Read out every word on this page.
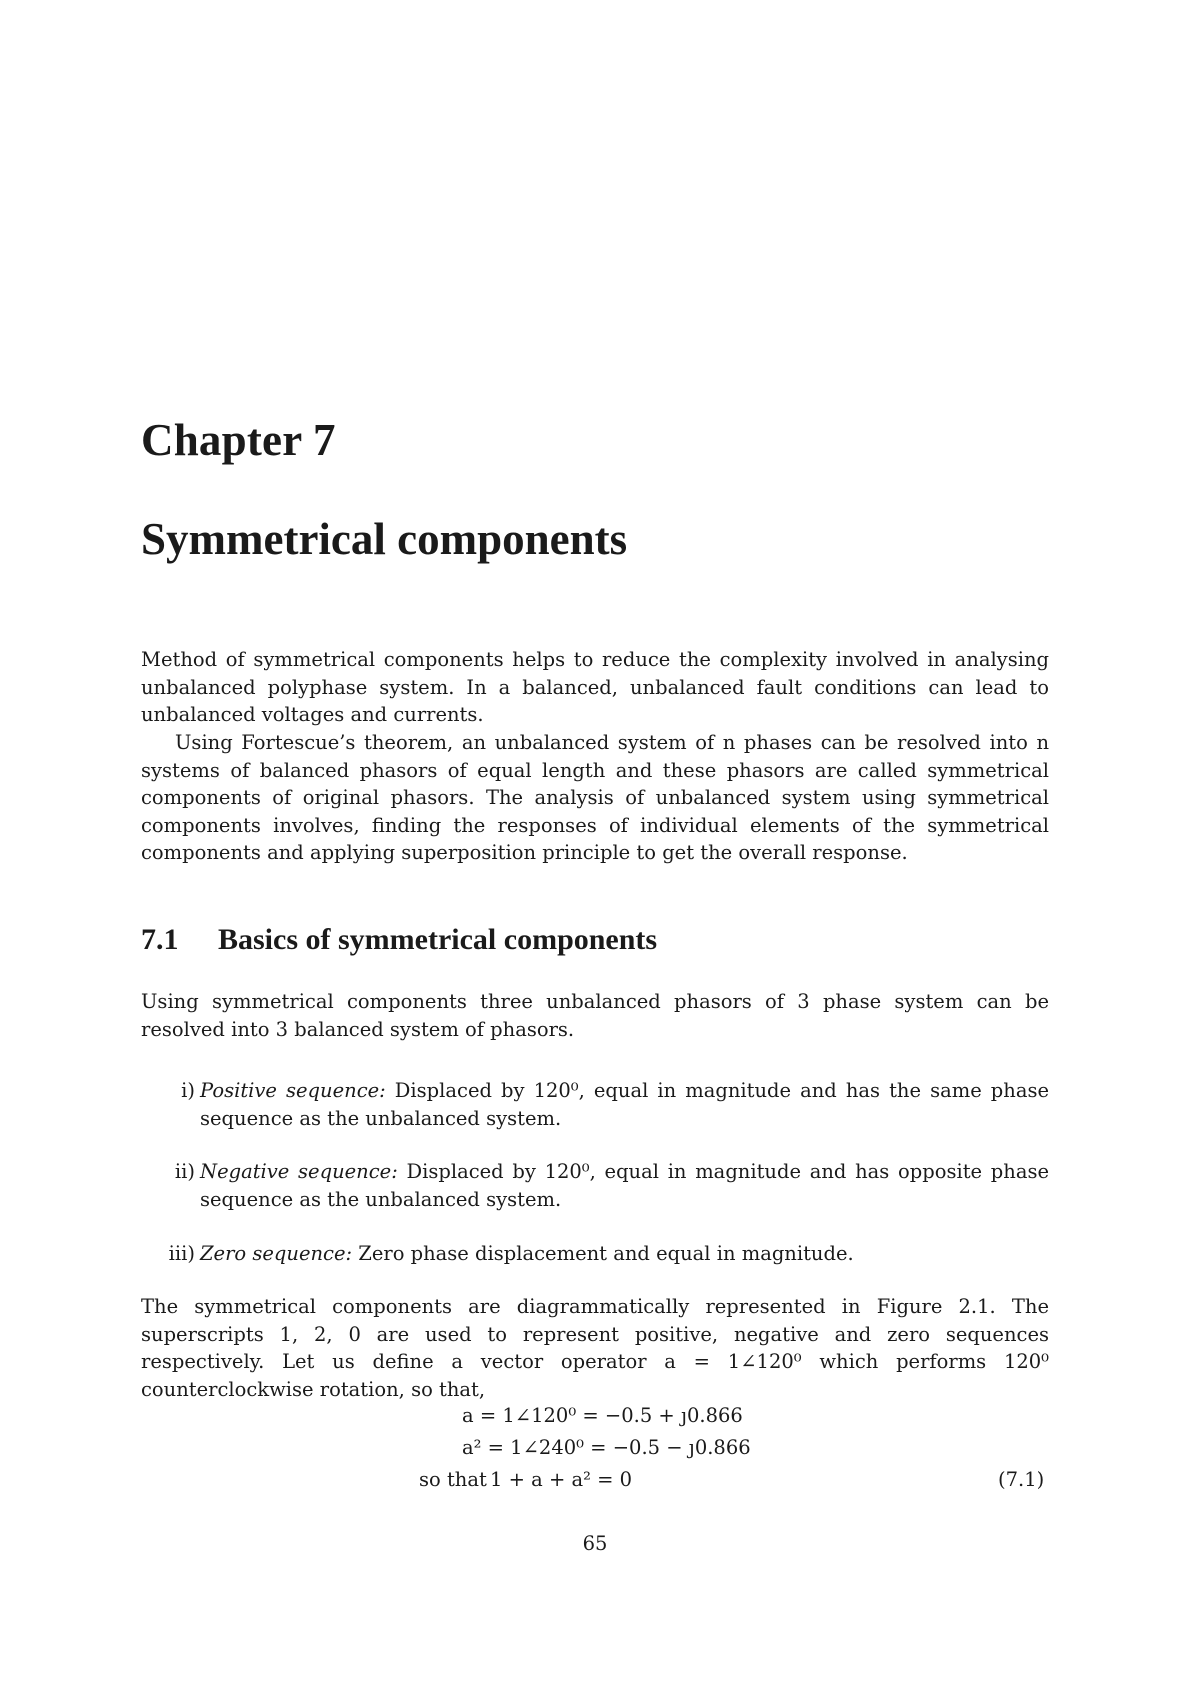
Chapter 7
Symmetrical components

Method of symmetrical components helps to reduce the complexity involved in analysing unbalanced polyphase system. In a balanced, unbalanced fault conditions can lead to unbalanced voltages and currents.

Using Fortescue’s theorem, an unbalanced system of n phases can be resolved into n systems of balanced phasors of equal length and these phasors are called symmetrical components of original phasors. The analysis of unbalanced system using symmetrical components involves, finding the responses of individual elements of the symmetrical components and applying superposition principle to get the overall response.

7.1 Basics of symmetrical components

Using symmetrical components three unbalanced phasors of 3 phase system can be resolved into 3 balanced system of phasors.

i) Positive sequence: Displaced by 120⁰, equal in magnitude and has the same phase sequence as the unbalanced system.
ii) Negative sequence: Displaced by 120⁰, equal in magnitude and has opposite phase sequence as the unbalanced system.
iii) Zero sequence: Zero phase displacement and equal in magnitude.

The symmetrical components are diagrammatically represented in Figure 2.1. The superscripts 1, 2, 0 are used to represent positive, negative and zero sequences respectively. Let us define a vector operator a = 1∠120⁰ which performs 120⁰ counterclockwise rotation, so that,

a = 1∠120⁰ = −0.5 + ȷ0.866
a² = 1∠240⁰ = −0.5 − ȷ0.866
so that 1 + a + a² = 0	(7.1)
65
